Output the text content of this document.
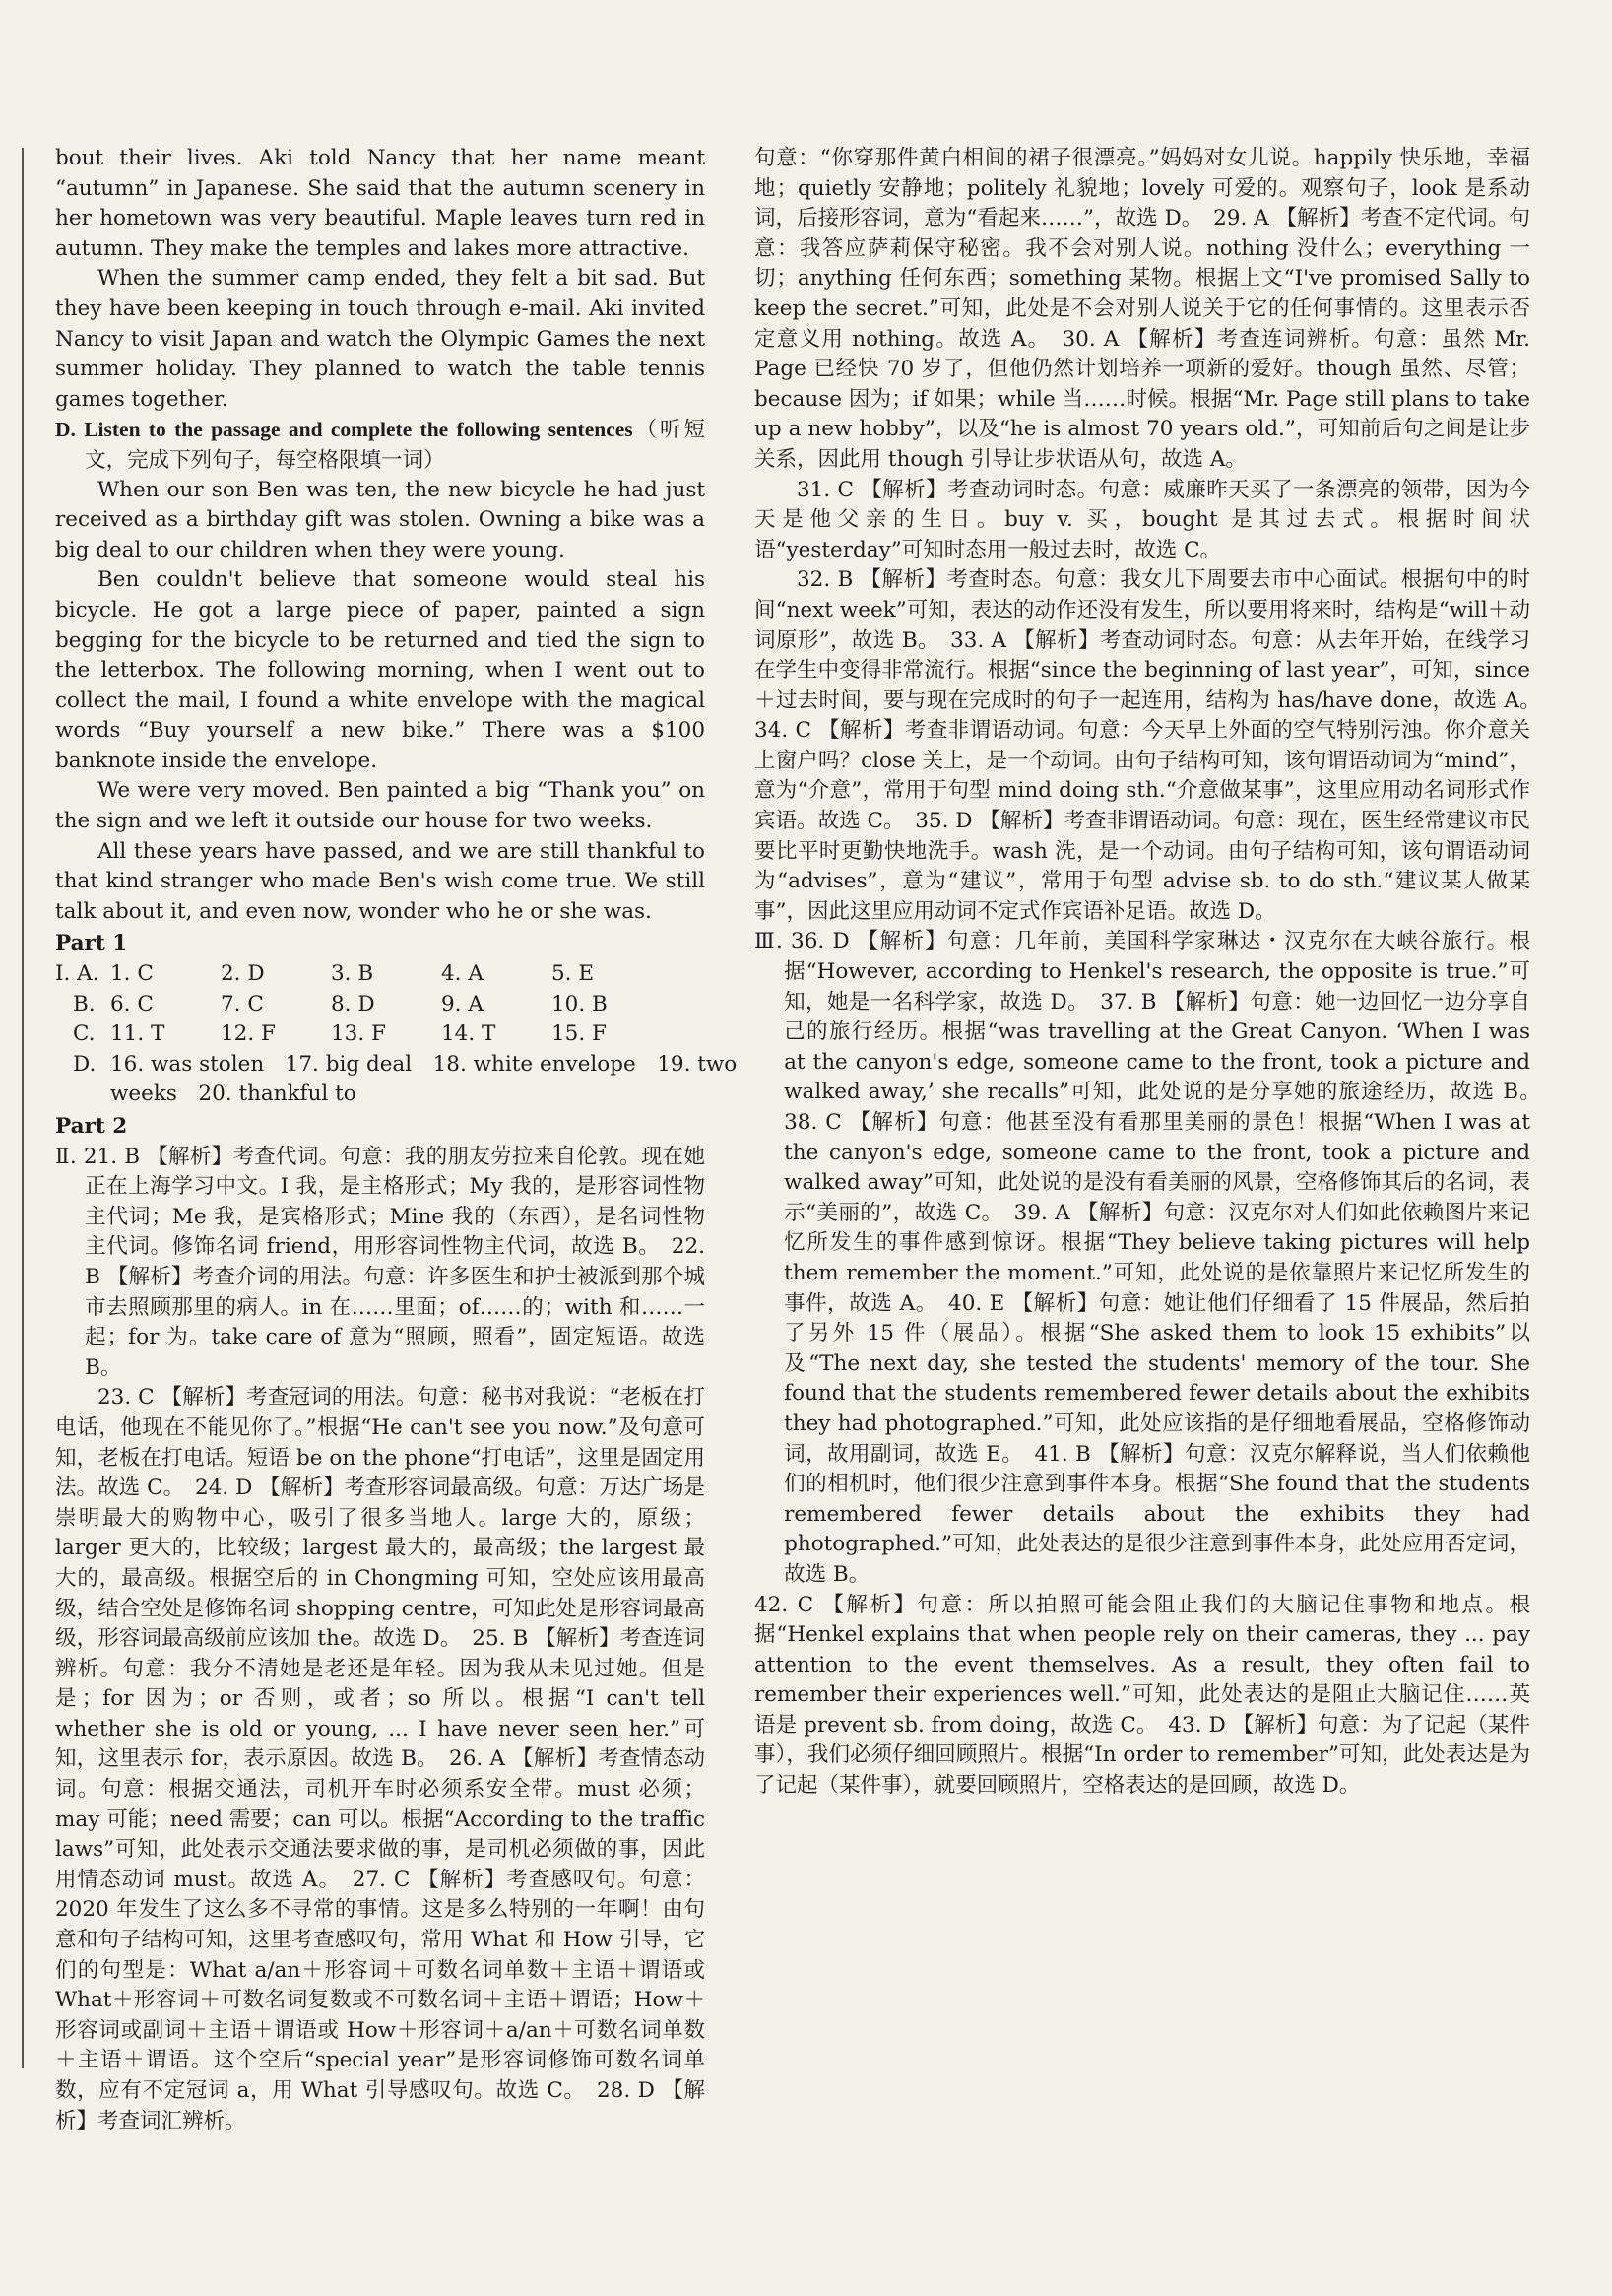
bout their lives. Aki told Nancy that her name meant “autumn” in Japanese. She said that the autumn scenery in her hometown was very beautiful. Maple leaves turn red in autumn. They make the temples and lakes more attractive.

When the summer camp ended, they felt a bit sad. But they have been keeping in touch through e-mail. Aki invited Nancy to visit Japan and watch the Olympic Games the next summer holiday. They planned to watch the table tennis games together.

D. Listen to the passage and complete the following sentences（听短文，完成下列句子，每空格限填一词）

When our son Ben was ten, the new bicycle he had just received as a birthday gift was stolen. Owning a bike was a big deal to our children when they were young.

Ben couldn't believe that someone would steal his bicycle. He got a large piece of paper, painted a sign begging for the bicycle to be returned and tied the sign to the letterbox. The following morning, when I went out to collect the mail, I found a white envelope with the magical words “Buy yourself a new bike.” There was a $100 banknote inside the envelope.

We were very moved. Ben painted a big “Thank you” on the sign and we left it outside our house for two weeks.

All these years have passed, and we are still thankful to that kind stranger who made Ben's wish come true. We still talk about it, and even now, wonder who he or she was.

Part 1

Ⅰ. A. 1. C	2. D	3. B	4. A	5. E
B. 6. C	7. C	8. D	9. A	10. B
C. 11. T	12. F	13. F	14. T	15. F
D. 16. was stolen　17. big deal　18. white envelope　19. two
weeks　20. thankful to

Part 2

Ⅱ. 21. B 【解析】考查代词。句意：我的朋友劳拉来自伦敦。现在她正在上海学习中文。I 我，是主格形式；My 我的，是形容词性物主代词；Me 我，是宾格形式；Mine 我的（东西），是名词性物主代词。修饰名词 friend，用形容词性物主代词，故选 B。　22. B 【解析】考查介词的用法。句意：许多医生和护士被派到那个城市去照顾那里的病人。in 在……里面；of……的；with 和……一起；for 为。take care of 意为“照顾，照看”，固定短语。故选 B。

23. C 【解析】考查冠词的用法。句意：秘书对我说：“老板在打电话，他现在不能见你了。”根据“He can't see you now.”及句意可知，老板在打电话。短语 be on the phone“打电话”，这里是固定用法。故选 C。　24. D 【解析】考查形容词最高级。句意：万达广场是崇明最大的购物中心，吸引了很多当地人。large 大的，原级；larger 更大的，比较级；largest 最大的，最高级；the largest 最大的，最高级。根据空后的 in Chongming 可知，空处应该用最高级，结合空处是修饰名词 shopping centre，可知此处是形容词最高级，形容词最高级前应该加 the。故选 D。　25. B 【解析】考查连词辨析。句意：我分不清她是老还是年轻。因为我从未见过她。但是是；for 因为；or 否则，或者；so 所以。根据“I can't tell whether she is old or young, ... I have never seen her.”可知，这里表示 for，表示原因。故选 B。　26. A 【解析】考查情态动词。句意：根据交通法，司机开车时必须系安全带。must 必须；may 可能；need 需要；can 可以。根据“According to the traffic laws”可知，此处表示交通法要求做的事，是司机必须做的事，因此用情态动词 must。故选 A。　27. C 【解析】考查感叹句。句意：2020 年发生了这么多不寻常的事情。这是多么特别的一年啊！由句意和句子结构可知，这里考查感叹句，常用 What 和 How 引导，它们的句型是：What a/an＋形容词＋可数名词单数＋主语＋谓语或 What＋形容词＋可数名词复数或不可数名词＋主语＋谓语；How＋形容词或副词＋主语＋谓语或 How＋形容词＋a/an＋可数名词单数＋主语＋谓语。这个空后“special year”是形容词修饰可数名词单数，应有不定冠词 a，用 What 引导感叹句。故选 C。　28. D 【解析】考查词汇辨析。

句意：“你穿那件黄白相间的裙子很漂亮。”妈妈对女儿说。happily 快乐地，幸福地；quietly 安静地；politely 礼貌地；lovely 可爱的。观察句子，look 是系动词，后接形容词，意为“看起来……”，故选 D。　29. A 【解析】考查不定代词。句意：我答应萨莉保守秘密。我不会对别人说。nothing 没什么；everything 一切；anything 任何东西；something 某物。根据上文“I've promised Sally to keep the secret.”可知，此处是不会对别人说关于它的任何事情的。这里表示否定意义用 nothing。故选 A。　30. A 【解析】考查连词辨析。句意：虽然 Mr. Page 已经快 70 岁了，但他仍然计划培养一项新的爱好。though 虽然、尽管；because 因为；if 如果；while 当……时候。根据“Mr. Page still plans to take up a new hobby”，以及“he is almost 70 years old.”，可知前后句之间是让步关系，因此用 though 引导让步状语从句，故选 A。

31. C 【解析】考查动词时态。句意：威廉昨天买了一条漂亮的领带，因为今天是他父亲的生日。buy v. 买，bought 是其过去式。根据时间状语“yesterday”可知时态用一般过去时，故选 C。

32. B 【解析】考查时态。句意：我女儿下周要去市中心面试。根据句中的时间“next week”可知，表达的动作还没有发生，所以要用将来时，结构是“will＋动词原形”，故选 B。　33. A 【解析】考查动词时态。句意：从去年开始，在线学习在学生中变得非常流行。根据“since the beginning of last year”，可知，since＋过去时间，要与现在完成时的句子一起连用，结构为 has/have done，故选 A。　34. C 【解析】考查非谓语动词。句意：今天早上外面的空气特别污浊。你介意关上窗户吗？close 关上，是一个动词。由句子结构可知，该句谓语动词为“mind”，意为“介意”，常用于句型 mind doing sth.“介意做某事”，这里应用动名词形式作宾语。故选 C。　35. D 【解析】考查非谓语动词。句意：现在，医生经常建议市民要比平时更勤快地洗手。wash 洗，是一个动词。由句子结构可知，该句谓语动词为“advises”，意为“建议”，常用于句型 advise sb. to do sth.“建议某人做某事”，因此这里应用动词不定式作宾语补足语。故选 D。

Ⅲ. 36. D 【解析】句意：几年前，美国科学家琳达・汉克尔在大峡谷旅行。根据“However, according to Henkel's research, the opposite is true.”可知，她是一名科学家，故选 D。　37. B 【解析】句意：她一边回忆一边分享自己的旅行经历。根据“was travelling at the Great Canyon. ‘When I was at the canyon's edge, someone came to the front, took a picture and walked away,’ she recalls”可知，此处说的是分享她的旅途经历，故选 B。　38. C 【解析】句意：他甚至没有看那里美丽的景色！根据“When I was at the canyon's edge, someone came to the front, took a picture and walked away”可知，此处说的是没有看美丽的风景，空格修饰其后的名词，表示“美丽的”，故选 C。　39. A 【解析】句意：汉克尔对人们如此依赖图片来记忆所发生的事件感到惊讶。根据“They believe taking pictures will help them remember the moment.”可知，此处说的是依靠照片来记忆所发生的事件，故选 A。　40. E 【解析】句意：她让他们仔细看了 15 件展品，然后拍了另外 15 件（展品）。根据“She asked them to look 15 exhibits”以及“The next day, she tested the students' memory of the tour. She found that the students remembered fewer details about the exhibits they had photographed.”可知，此处应该指的是仔细地看展品，空格修饰动词，故用副词，故选 E。　41. B 【解析】句意：汉克尔解释说，当人们依赖他们的相机时，他们很少注意到事件本身。根据“She found that the students remembered fewer details about the exhibits they had photographed.”可知，此处表达的是很少注意到事件本身，此处应用否定词，故选 B。

42. C 【解析】句意：所以拍照可能会阻止我们的大脑记住事物和地点。根据“Henkel explains that when people rely on their cameras, they ... pay attention to the event themselves. As a result, they often fail to remember their experiences well.”可知，此处表达的是阻止大脑记住……英语是 prevent sb. from doing，故选 C。　43. D 【解析】句意：为了记起（某件事），我们必须仔细回顾照片。根据“In order to remember”可知，此处表达是为了记起（某件事），就要回顾照片，空格表达的是回顾，故选 D。
